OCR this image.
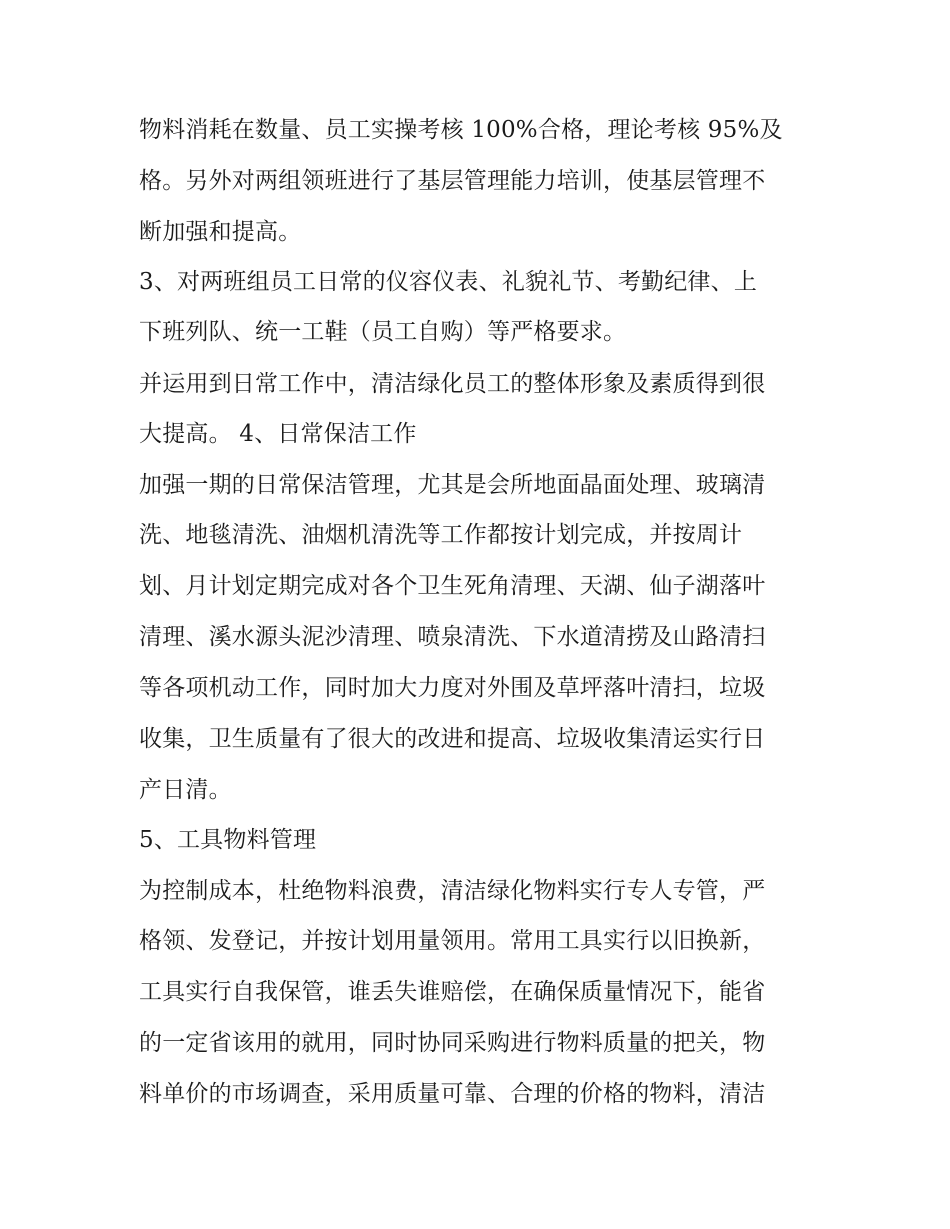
物料消耗在数量、员工实操考核 100%合格，理论考核 95%及
格。另外对两组领班进行了基层管理能力培训，使基层管理不
断加强和提高。
3、对两班组员工日常的仪容仪表、礼貌礼节、考勤纪律、上
下班列队、统一工鞋（员工自购）等严格要求。
并运用到日常工作中，清洁绿化员工的整体形象及素质得到很
大提高。 4、日常保洁工作
加强一期的日常保洁管理，尤其是会所地面晶面处理、玻璃清
洗、地毯清洗、油烟机清洗等工作都按计划完成，并按周计
划、月计划定期完成对各个卫生死角清理、天湖、仙子湖落叶
清理、溪水源头泥沙清理、喷泉清洗、下水道清捞及山路清扫
等各项机动工作，同时加大力度对外围及草坪落叶清扫，垃圾
收集，卫生质量有了很大的改进和提高、垃圾收集清运实行日
产日清。
5、工具物料管理
为控制成本，杜绝物料浪费，清洁绿化物料实行专人专管，严
格领、发登记，并按计划用量领用。常用工具实行以旧换新，
工具实行自我保管，谁丢失谁赔偿，在确保质量情况下，能省
的一定省该用的就用，同时协同采购进行物料质量的把关，物
料单价的市场调查，采用质量可靠、合理的价格的物料，清洁
